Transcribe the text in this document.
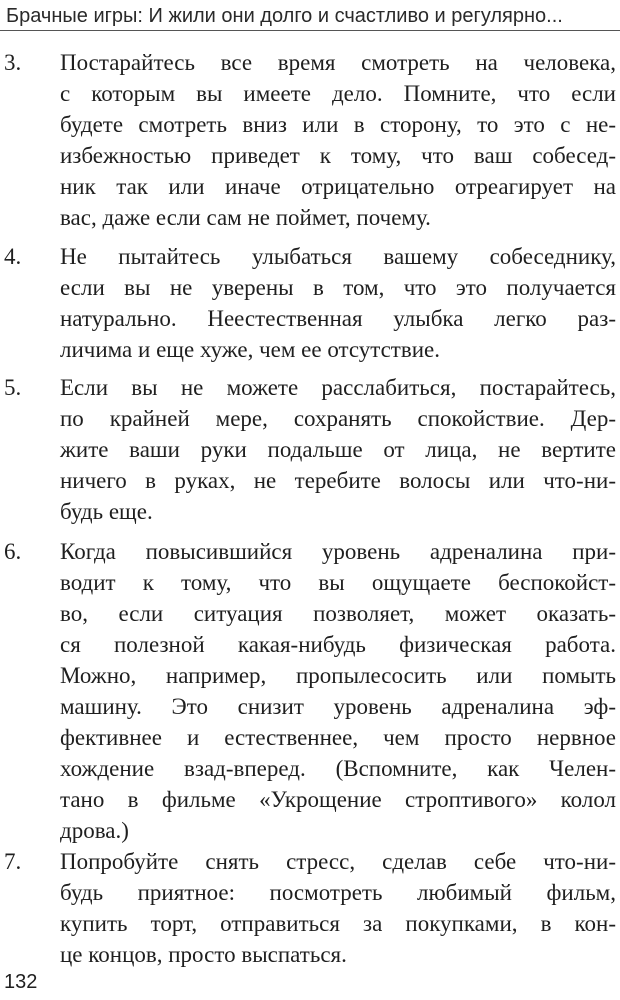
Брачные игры: И жили они долго и счастливо и регулярно...
3. Постарайтесь все время смотреть на человека,
с которым вы имеете дело. Помните, что если
будете смотреть вниз или в сторону, то это с не-
избежностью приведет к тому, что ваш собесед-
ник так или иначе отрицательно отреагирует на
вас, даже если сам не поймет, почему.
4. Не пытайтесь улыбаться вашему собеседнику,
если вы не уверены в том, что это получается
натурально. Неестественная улыбка легко раз-
личима и еще хуже, чем ее отсутствие.
5. Если вы не можете расслабиться, постарайтесь,
по крайней мере, сохранять спокойствие. Дер-
жите ваши руки подальше от лица, не вертите
ничего в руках, не теребите волосы или что-ни-
будь еще.
6. Когда повысившийся уровень адреналина при-
водит к тому, что вы ощущаете беспокойст-
во, если ситуация позволяет, может оказать-
ся полезной какая-нибудь физическая работа.
Можно, например, пропылесосить или помыть
машину. Это снизит уровень адреналина эф-
фективнее и естественнее, чем просто нервное
хождение взад-вперед. (Вспомните, как Челен-
тано в фильме «Укрощение строптивого» колол
дрова.)
7. Попробуйте снять стресс, сделав себе что-ни-
будь приятное: посмотреть любимый фильм,
купить торт, отправиться за покупками, в кон-
це концов, просто выспаться.
132
